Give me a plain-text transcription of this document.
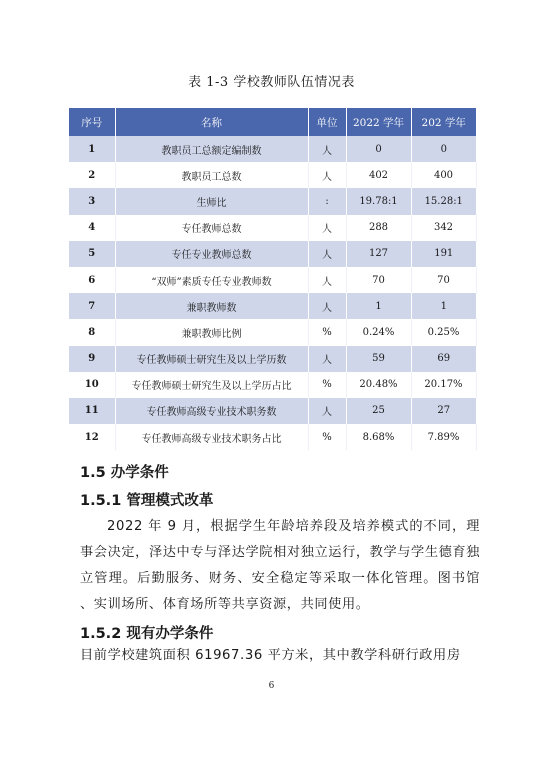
表 1-3 学校教师队伍情况表
序号	名称	单位	2022 学年	202 学年
1	教职员工总额定编制数	人	0	0
2	教职员工总数	人	402	400
3	生师比	:	19.78:1	15.28:1
4	专任教师总数	人	288	342
5	专任专业教师总数	人	127	191
6	“双师”素质专任专业教师数	人	70	70
7	兼职教师数	人	1	1
8	兼职教师比例	%	0.24%	0.25%
9	专任教师硕士研究生及以上学历数	人	59	69
10	专任教师硕士研究生及以上学历占比	%	20.48%	20.17%
11	专任教师高级专业技术职务数	人	25	27
12	专任教师高级专业技术职务占比	%	8.68%	7.89%
1.5 办学条件
1.5.1 管理模式改革
2022 年 9 月，根据学生年龄培养段及培养模式的不同，理事会决定，泽达中专与泽达学院相对独立运行，教学与学生德育独立管理。后勤服务、财务、安全稳定等采取一体化管理。图书馆 、实训场所、体育场所等共享资源，共同使用。
1.5.2 现有办学条件
目前学校建筑面积 61967.36 平方米，其中教学科研行政用房
6
